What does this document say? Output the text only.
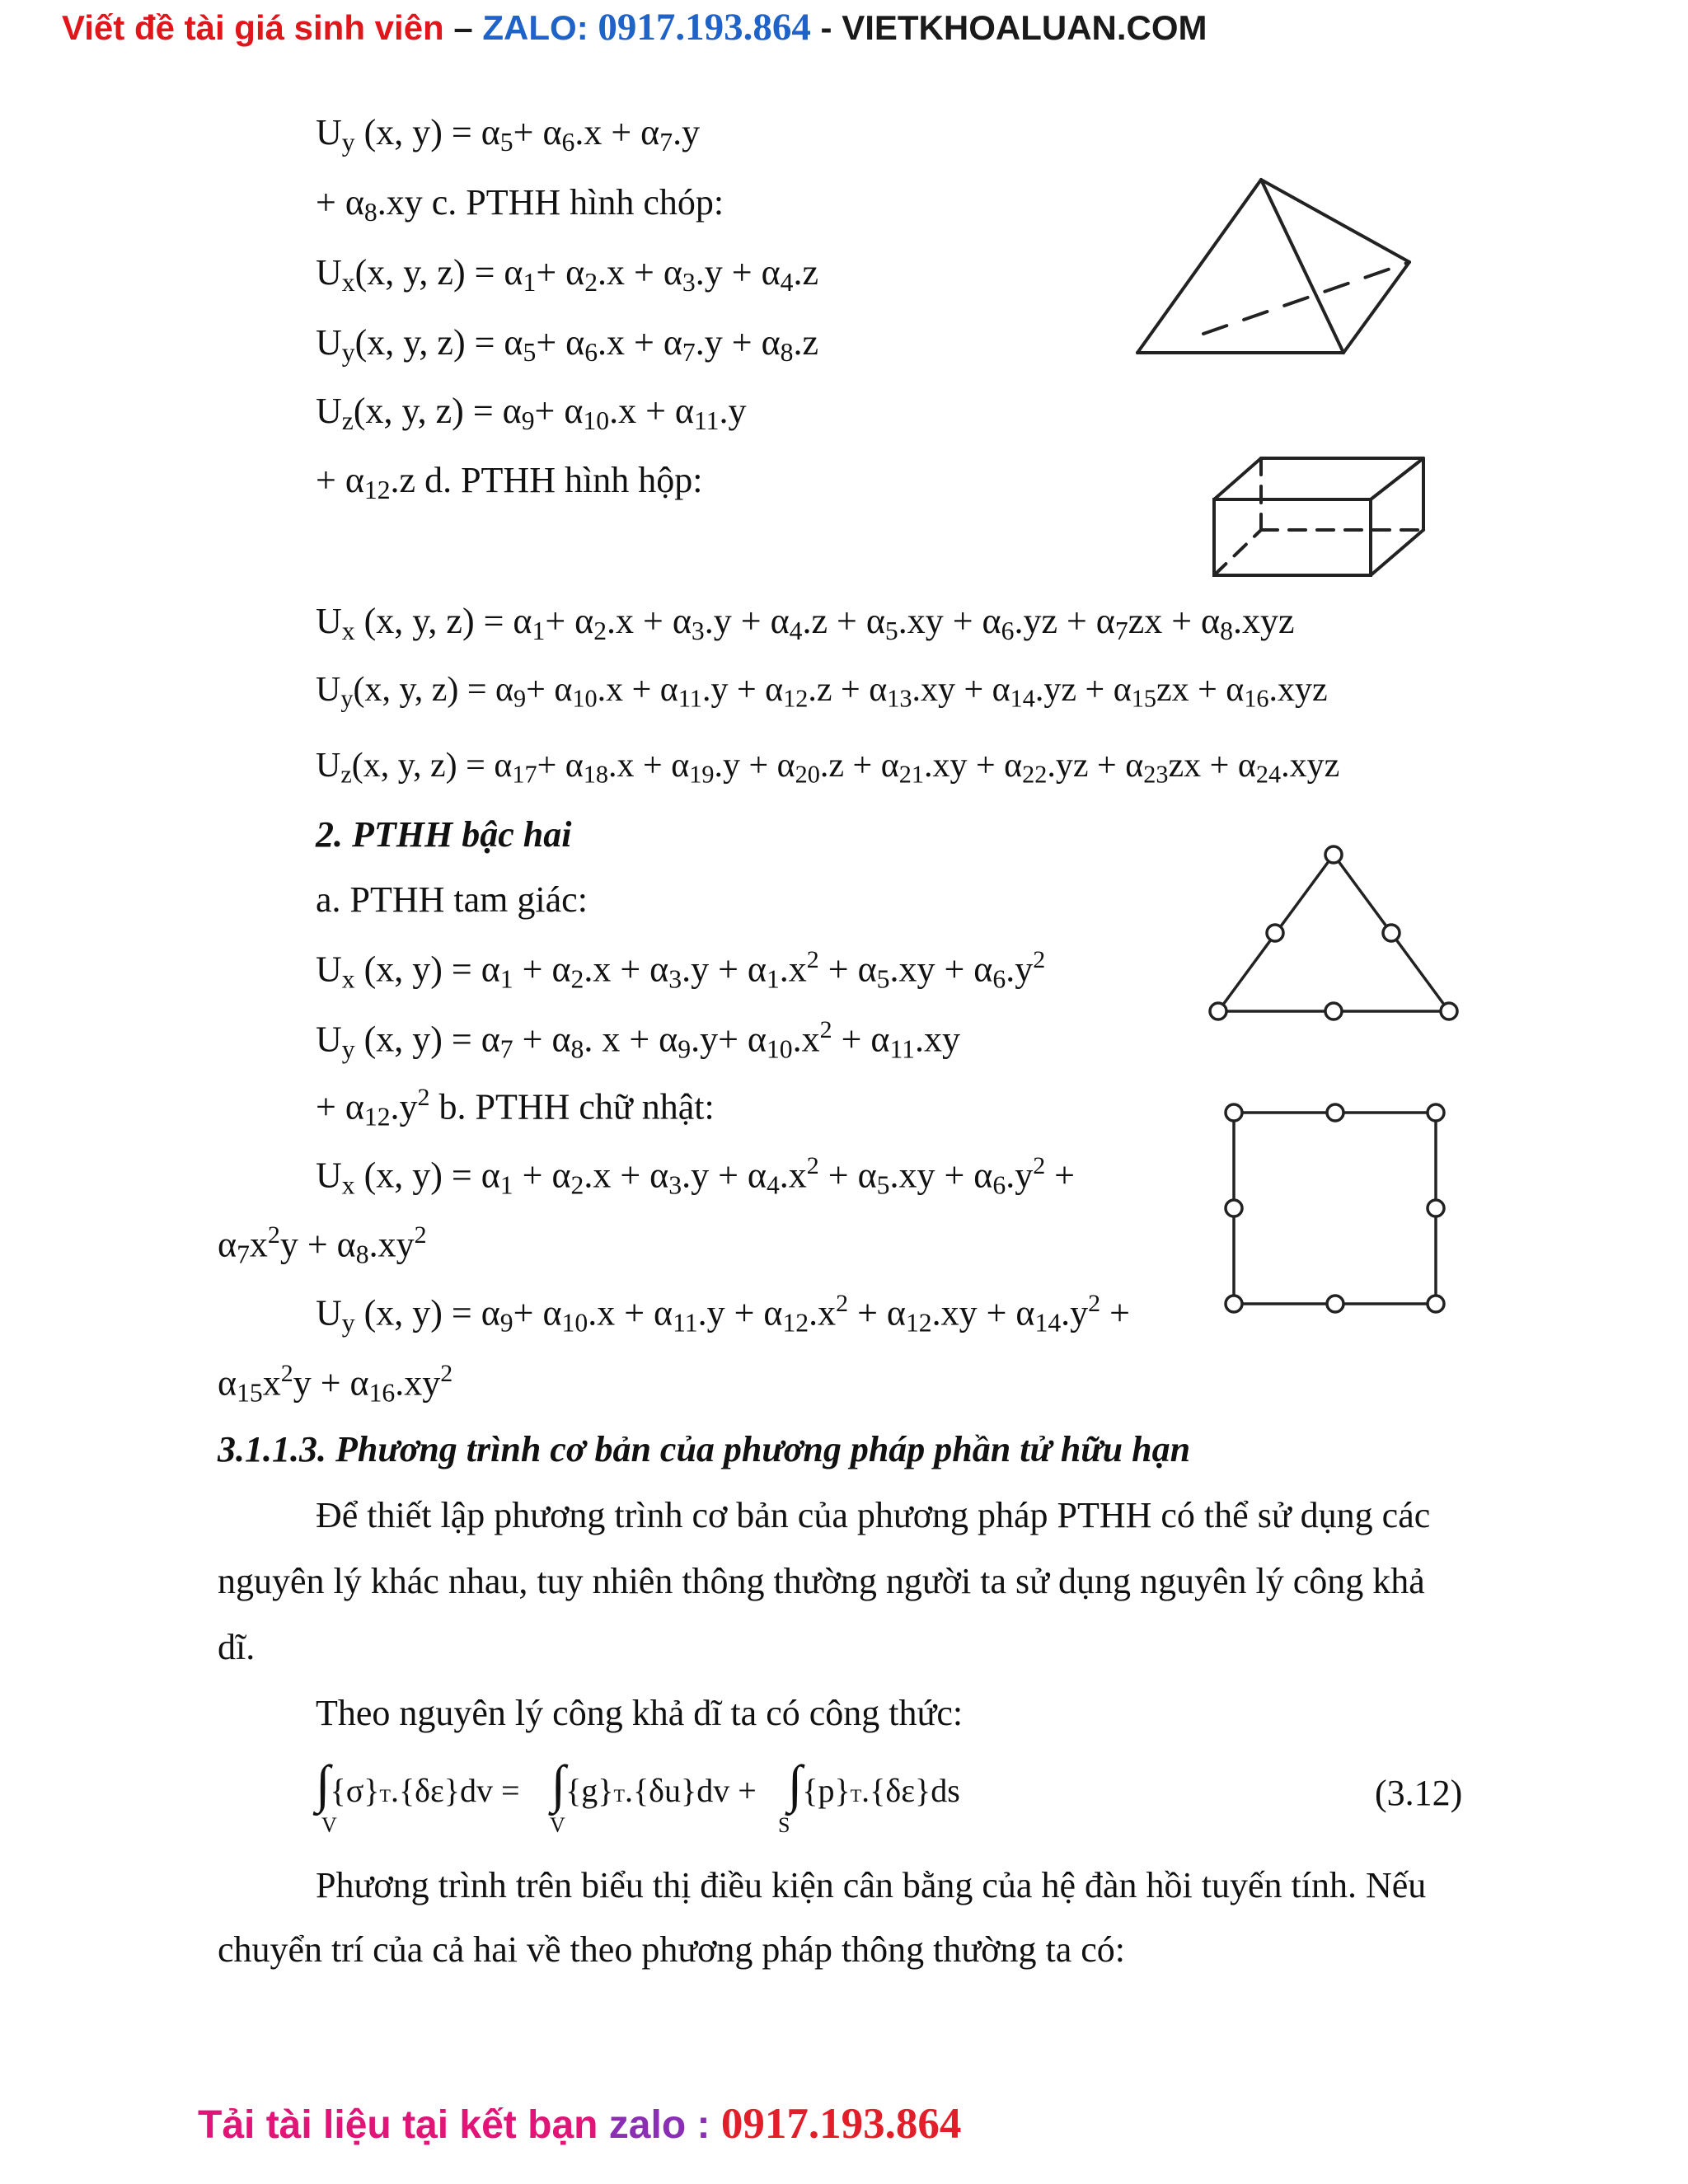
Viết đề tài giá sinh viên – ZALO: 0917.193.864 - VIETKHOALUAN.COM
$U_y$ (x, $y) = \alpha_5+ \alpha_6.x + \alpha_7.y$
+ $\alpha_8.xy$ c. PTHH hình chóp:
$U_x(x$, y, $z) = \alpha_1+ \alpha_2.x + \alpha_3.y + \alpha_4.z$
$U_y(x$, y, $z) = \alpha_5+ \alpha_6.x + \alpha_7.y + \alpha_8.z$
$U_z(x$, y, $z) = \alpha_9+ \alpha_{10}.x + \alpha_{11}.y$
+ $\alpha_{12}.z$ d. PTHH hình hộp:
$U_x$ (x, y, $z) = \alpha_1+ \alpha_2.x + \alpha_3.y + \alpha_4.z + \alpha_5.xy + \alpha_6.yz + \alpha_7zx + \alpha_8.xyz$
$U_y(x$, y, $z) = \alpha_9+ \alpha_{10}.x + \alpha_{11}.y + \alpha_{12}.z + \alpha_{13}.xy + \alpha_{14}.yz + \alpha_{15}zx + \alpha_{16}.xyz$
$U_z(x$, y, $z) = \alpha_{17}+ \alpha_{18}.x + \alpha_{19}.y + \alpha_{20}.z + \alpha_{21}.xy + \alpha_{22}.yz + \alpha_{23}zx + \alpha_{24}.xyz$
2. PTHH bậc hai
a. PTHH tam giác:
$U_x$ (x, $y) = \alpha_1 + \alpha_2.x + \alpha_3.y + \alpha_1.x^2 + \alpha_5.xy + \alpha_6.y^2$
$U_y$ (x, $y) = \alpha_7 + \alpha_8$. $x + \alpha_9.y+ \alpha_{10}.x^2 + \alpha_{11}.xy$
+ $\alpha_{12}.y^2$ b. PTHH chữ nhật:
$U_x$ (x, $y) = \alpha_1 + \alpha_2.x + \alpha_3.y + \alpha_4.x^2 + \alpha_5.xy + \alpha_6.y^2$ +
$\alpha_7x^2y + \alpha_8.xy^2$
$U_y$ (x, $y) = \alpha_9+ \alpha_{10}.x + \alpha_{11}.y + \alpha_{12}.x^2 + \alpha_{12}.xy + \alpha_{14}.y^2$ +
$\alpha_{15}x^2y + \alpha_{16}.xy^2$
3.1.1.3. Phương trình cơ bản của phương pháp phần tử hữu hạn
Để thiết lập phương trình cơ bản của phương pháp PTHH có thể sử dụng các
nguyên lý khác nhau, tuy nhiên thông thường người ta sử dụng nguyên lý công khả
dĩ.
Theo nguyên lý công khả dĩ ta có công thức:
∫{σ}T.{δε}dv = ∫{g}T.{δu}dv + ∫{p}T.{δε}ds
V	V	S
(3.12)
Phương trình trên biểu thị điều kiện cân bằng của hệ đàn hồi tuyến tính. Nếu
chuyển trí của cả hai về theo phương pháp thông thường ta có:
Tải tài liệu tại kết bạn zalo : 0917.193.864
